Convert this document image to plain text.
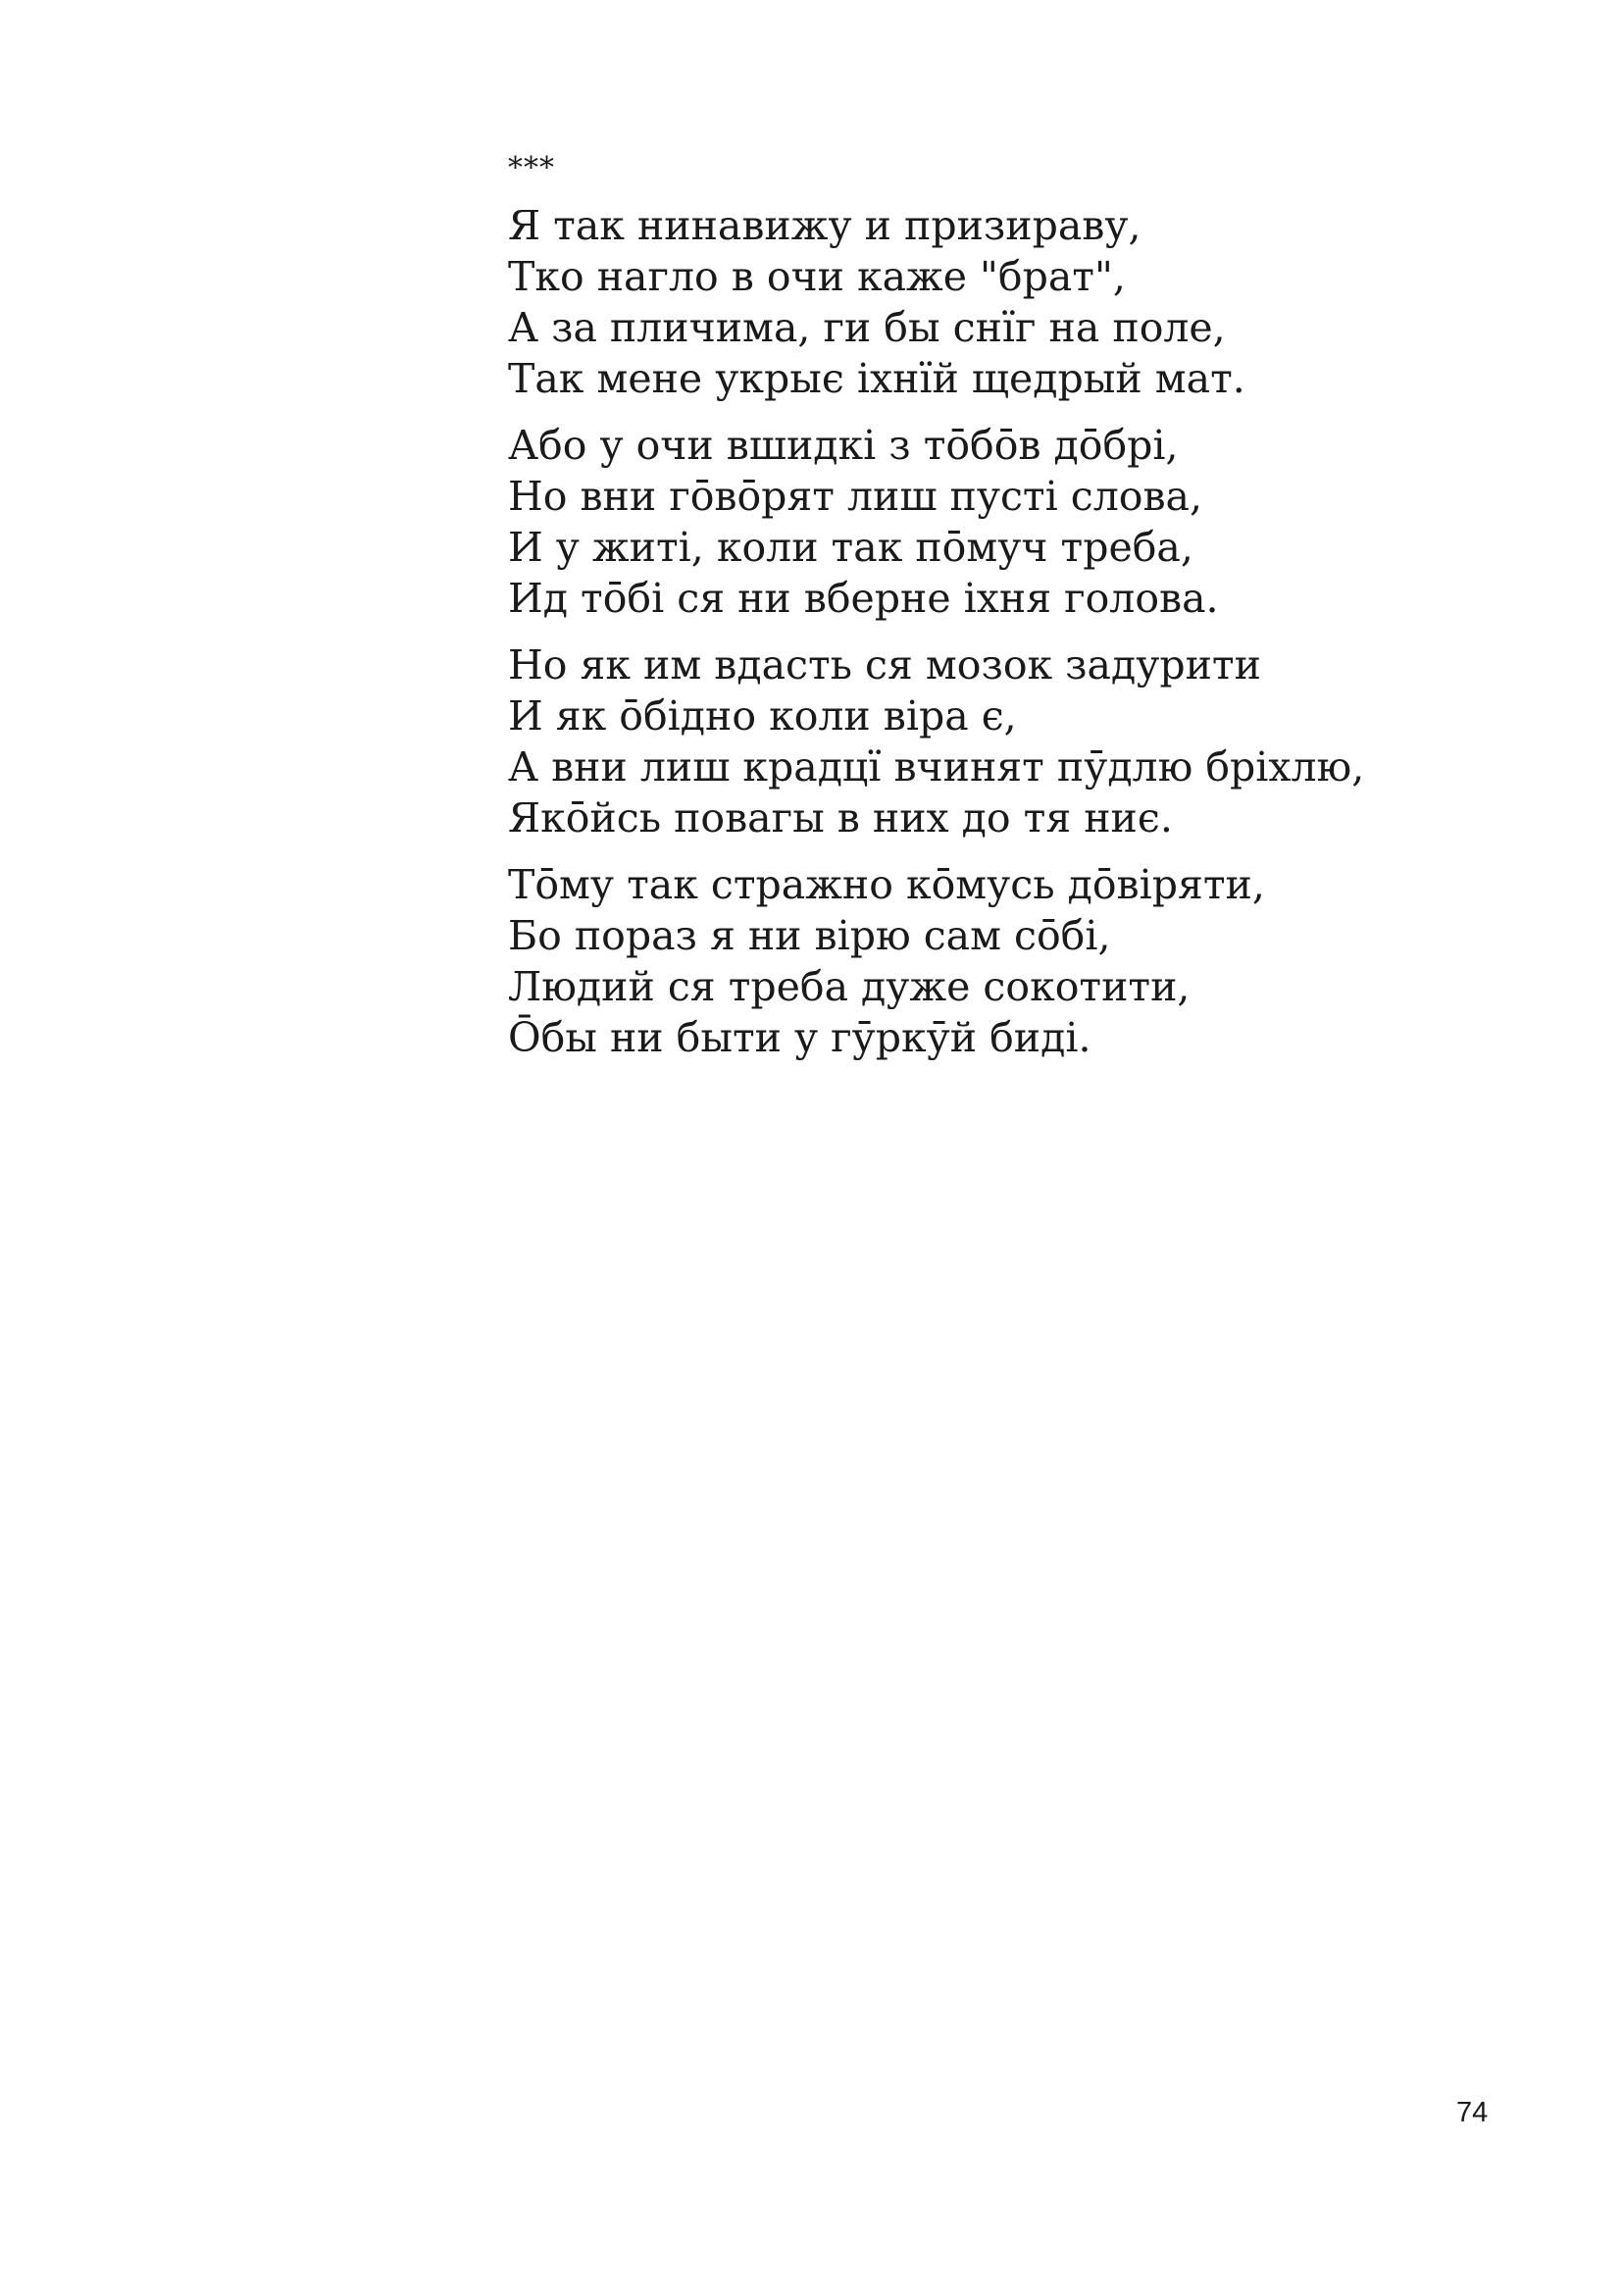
***
Я так нинавижу и призираву,
Тко нагло в очи каже "брат",
А за пличима, ги бы снїг на поле,
Так мене укрыє іхнїй щедрый мат.
Або у очи вшидкі з тōбōв дōбрі,
Но вни гōвōрят лиш пусті слова,
И у житі, коли так пōмуч треба,
Ид тōбі ся ни вберне іхня голова.
Но як им вдасть ся мозок задурити
И як ōбідно коли віра є,
А вни лиш крадцї вчинят пӯдлю бріхлю,
Якōйсь повагы в них до тя ниє.
Тōму так стражно кōмусь дōвіряти,
Бо пораз я ни вірю сам сōбі,
Людий ся треба дуже сокотити,
Ōбы ни быти у гӯркӯй биді.
74
